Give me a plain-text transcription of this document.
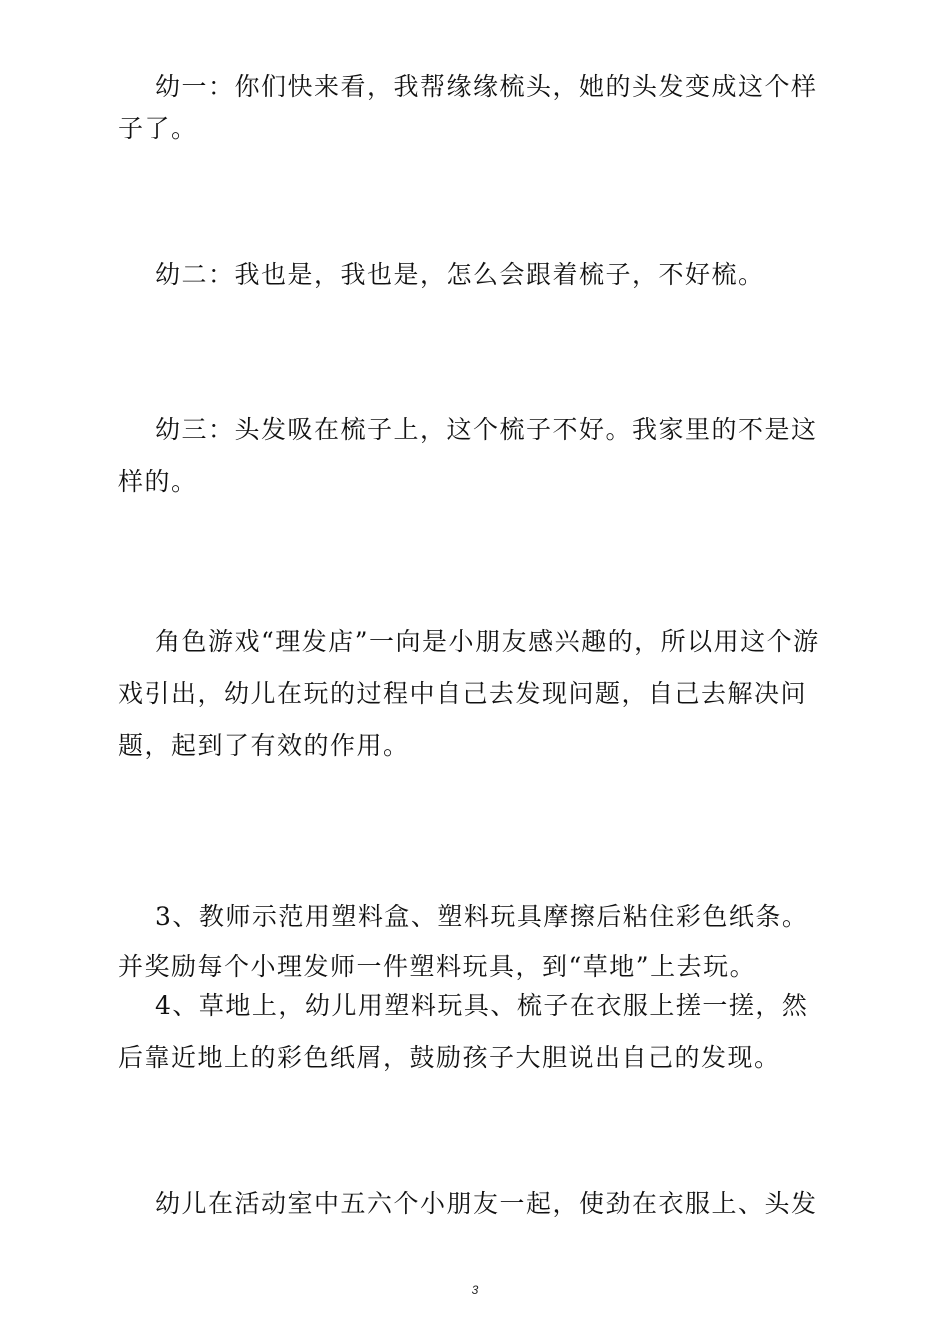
幼一：你们快来看，我帮缘缘梳头，她的头发变成这个样子了。

幼二：我也是，我也是，怎么会跟着梳子，不好梳。

幼三：头发吸在梳子上，这个梳子不好。我家里的不是这样的。

角色游戏“理发店”一向是小朋友感兴趣的，所以用这个游戏引出，幼儿在玩的过程中自己去发现问题，自己去解决问题，起到了有效的作用。

3、教师示范用塑料盒、塑料玩具摩擦后粘住彩色纸条。并奖励每个小理发师一件塑料玩具，到“草地”上去玩。

4、草地上，幼儿用塑料玩具、梳子在衣服上搓一搓，然后靠近地上的彩色纸屑，鼓励孩子大胆说出自己的发现。

幼儿在活动室中五六个小朋友一起，使劲在衣服上、头发

3
